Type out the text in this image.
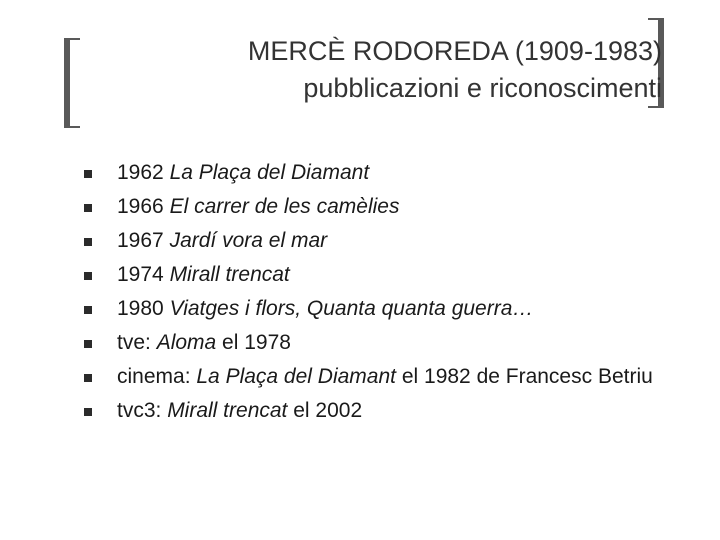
MERCÈ RODOREDA (1909-1983)
pubblicazioni e riconoscimenti
1962 La Plaça del Diamant
1966 El carrer de les camèlies
1967 Jardí vora el mar
1974 Mirall trencat
1980 Viatges i flors, Quanta quanta guerra…
tve: Aloma el 1978
cinema: La Plaça del Diamant el 1982 de Francesc Betriu
tvc3: Mirall trencat el 2002
